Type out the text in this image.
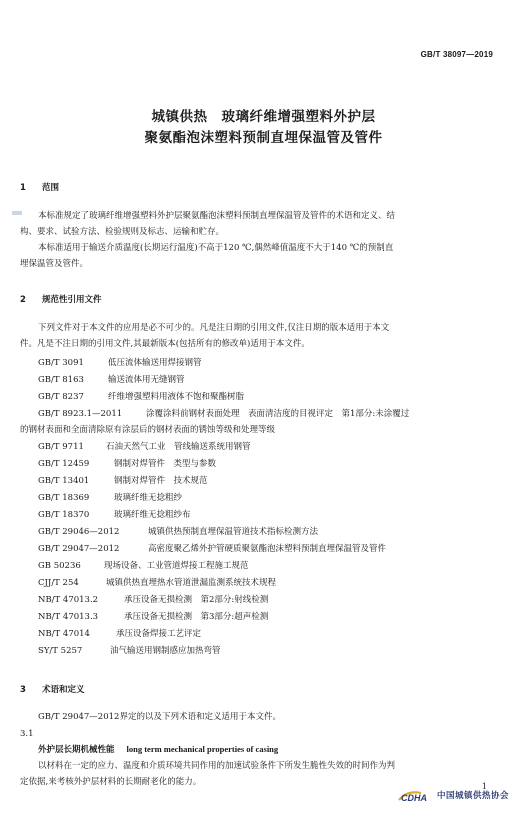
GB/T 38097—2019
城镇供热　玻璃纤维增强塑料外护层
聚氨酯泡沫塑料预制直埋保温管及管件
1 范围
本标准规定了玻璃纤维增强塑料外护层聚氨酯泡沫塑料预制直埋保温管及管件的术语和定义、结
构、要求、试验方法、检验规则及标志、运输和贮存。
本标准适用于输送介质温度(长期运行温度)不高于120 ℃,偶然峰值温度不大于140 ℃的预制直
埋保温管及管件。
2 规范性引用文件
下列文件对于本文件的应用是必不可少的。凡是注日期的引用文件,仅注日期的版本适用于本文
件。凡是不注日期的引用文件,其最新版本(包括所有的修改单)适用于本文件。
GB/T 3091	低压流体输送用焊接钢管
GB/T 8163	输送流体用无缝钢管
GB/T 8237	纤维增强塑料用液体不饱和聚酯树脂
GB/T 8923.1—2011	涂覆涂料前钢材表面处理　表面清洁度的目视评定　第1部分:未涂覆过
的钢材表面和全面清除原有涂层后的钢材表面的锈蚀等级和处理等级
GB/T 9711	石油天然气工业　管线输送系统用钢管
GB/T 12459	钢制对焊管件　类型与参数
GB/T 13401	钢制对焊管件　技术规范
GB/T 18369	玻璃纤维无捻粗纱
GB/T 18370	玻璃纤维无捻粗纱布
GB/T 29046—2012	城镇供热预制直埋保温管道技术指标检测方法
GB/T 29047—2012	高密度聚乙烯外护管硬质聚氨酯泡沫塑料预制直埋保温管及管件
GB 50236	现场设备、工业管道焊接工程施工规范
CJJ/T 254	城镇供热直埋热水管道泄漏监测系统技术规程
NB/T 47013.2	承压设备无损检测　第2部分:射线检测
NB/T 47013.3	承压设备无损检测　第3部分:超声检测
NB/T 47014	承压设备焊接工艺评定
SY/T 5257	油气输送用钢制感应加热弯管
3 术语和定义
GB/T 29047—2012界定的以及下列术语和定义适用于本文件。
3.1
外护层长期机械性能 long term mechanical properties of casing
以材料在一定的应力、温度和介质环境共同作用的加速试验条件下所发生脆性失效的时间作为判
定依据,来考核外护层材料的长期耐老化的能力。	1
CDHA 中国城镇供热协会
